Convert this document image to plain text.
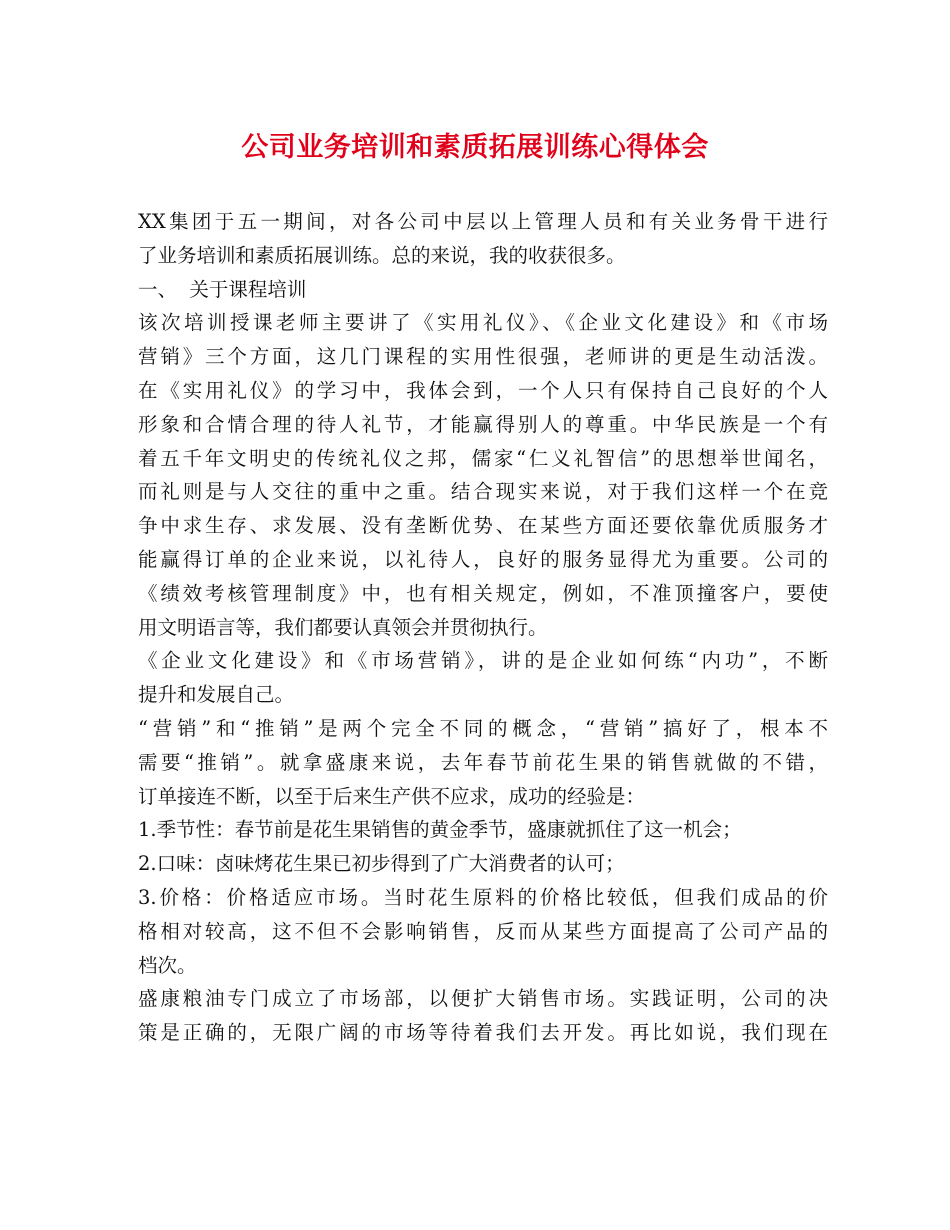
公司业务培训和素质拓展训练心得体会
XX集团于五一期间，对各公司中层以上管理人员和有关业务骨干进行
了业务培训和素质拓展训练。总的来说，我的收获很多。
一、  关于课程培训
该次培训授课老师主要讲了《实用礼仪》、《企业文化建设》和《市场
营销》三个方面，这几门课程的实用性很强，老师讲的更是生动活泼。
在《实用礼仪》的学习中，我体会到，一个人只有保持自己良好的个人
形象和合情合理的待人礼节，才能赢得别人的尊重。中华民族是一个有
着五千年文明史的传统礼仪之邦，儒家“仁义礼智信”的思想举世闻名，
而礼则是与人交往的重中之重。结合现实来说，对于我们这样一个在竞
争中求生存、求发展、没有垄断优势、在某些方面还要依靠优质服务才
能赢得订单的企业来说，以礼待人，良好的服务显得尤为重要。公司的
《绩效考核管理制度》中，也有相关规定，例如，不准顶撞客户，要使
用文明语言等，我们都要认真领会并贯彻执行。
《企业文化建设》和《市场营销》，讲的是企业如何练“内功”，不断
提升和发展自己。
“营销”和“推销”是两个完全不同的概念，“营销”搞好了，根本不
需要“推销”。就拿盛康来说，去年春节前花生果的销售就做的不错，
订单接连不断，以至于后来生产供不应求，成功的经验是：
1.季节性：春节前是花生果销售的黄金季节，盛康就抓住了这一机会；
2.口味：卤味烤花生果已初步得到了广大消费者的认可；
3.价格：价格适应市场。当时花生原料的价格比较低，但我们成品的价
格相对较高，这不但不会影响销售，反而从某些方面提高了公司产品的
档次。
盛康粮油专门成立了市场部，以便扩大销售市场。实践证明，公司的决
策是正确的，无限广阔的市场等待着我们去开发。再比如说，我们现在
